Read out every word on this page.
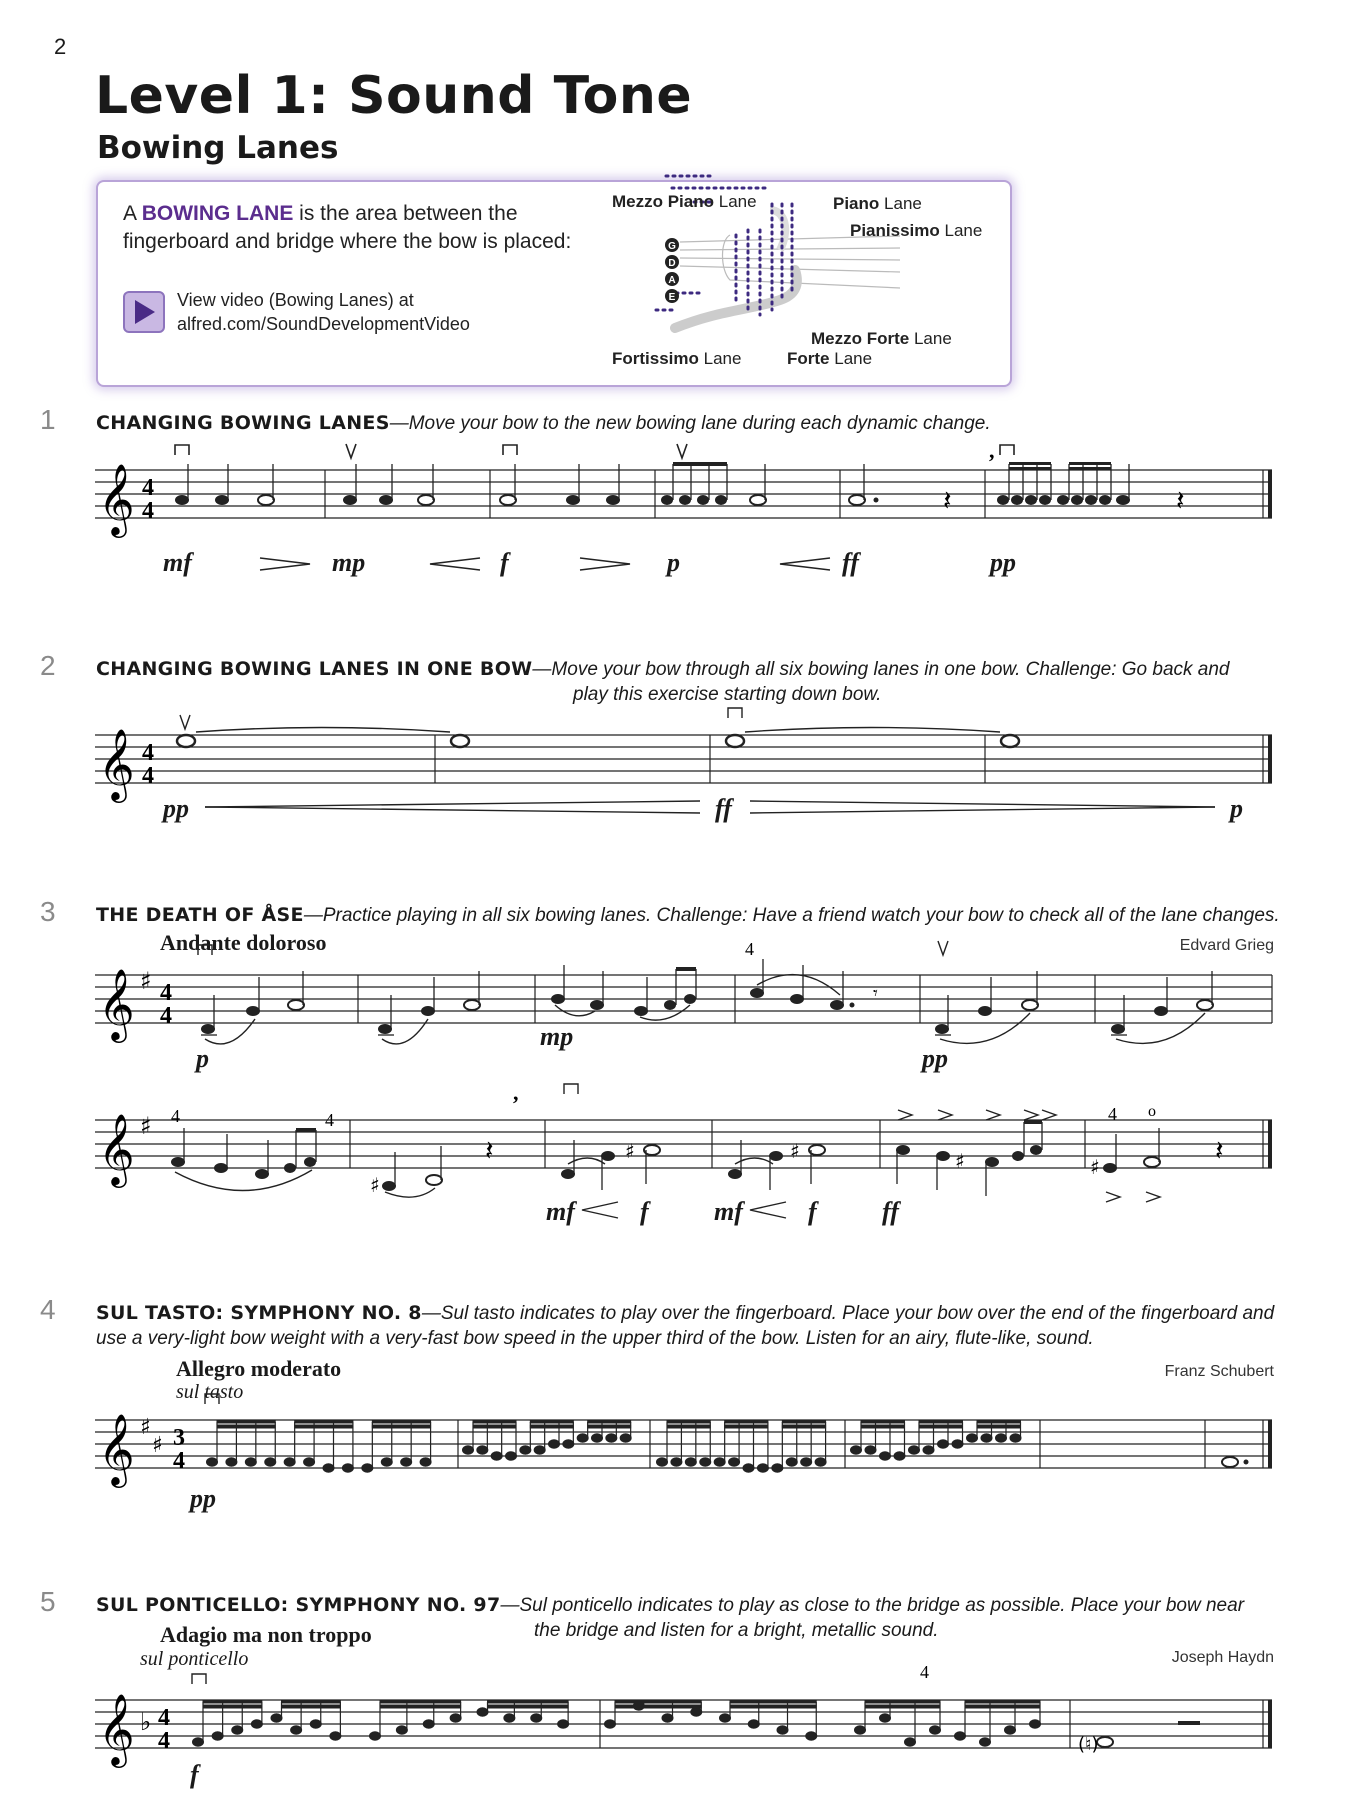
2
Level 1: Sound Tone
Bowing Lanes
A BOWING LANE is the area between the fingerboard and bridge where the bow is placed:
View video (Bowing Lanes) at
alfred.com/SoundDevelopmentVideo
G
D
A
E
Mezzo Piano Lane	Piano Lane
Pianissimo Lane
Mezzo Forte Lane
Fortissimo Lane	Forte Lane
1 CHANGING BOWING LANES—Move your bow to the new bowing lane during each dynamic change.
𝄞 4
4	𝄽	𝄽
,
mf	mp	f	p	ff	pp
2 CHANGING BOWING LANES IN ONE BOW—Move your bow through all six bowing lanes in one bow. Challenge: Go back and
play this exercise starting down bow.
𝄞 4
4
pp	ff	p
3 THE DEATH OF ÅSE—Practice playing in all six bowing lanes. Challenge: Have a friend watch your bow to check all of the lane changes.
Andante doloroso	Edvard Grieg
𝄞 ♯ 4
4
4
𝄾
p
mp
pp
𝄞 ♯
♯
♯	♯	♯	♯
4	4	4 o
,
𝄽	𝄽
mf	f	mf	f	ff
4 SUL TASTO: SYMPHONY NO. 8—Sul tasto indicates to play over the fingerboard. Place your bow over the end of the fingerboard and
use a very-light bow weight with a very-fast bow speed in the upper third of the bow. Listen for an airy, flute-like, sound.
Allegro moderato
sul tasto
Franz Schubert
𝄞 ♯
♯ 3
4
pp
5 SUL PONTICELLO: SYMPHONY NO. 97—Sul ponticello indicates to play as close to the bridge as possible. Place your bow near
the bridge and listen for a bright, metallic sound.
Adagio ma non troppo
sul ponticello	Joseph Haydn
𝄞 ♭ 4
4	(♮)
4
f
